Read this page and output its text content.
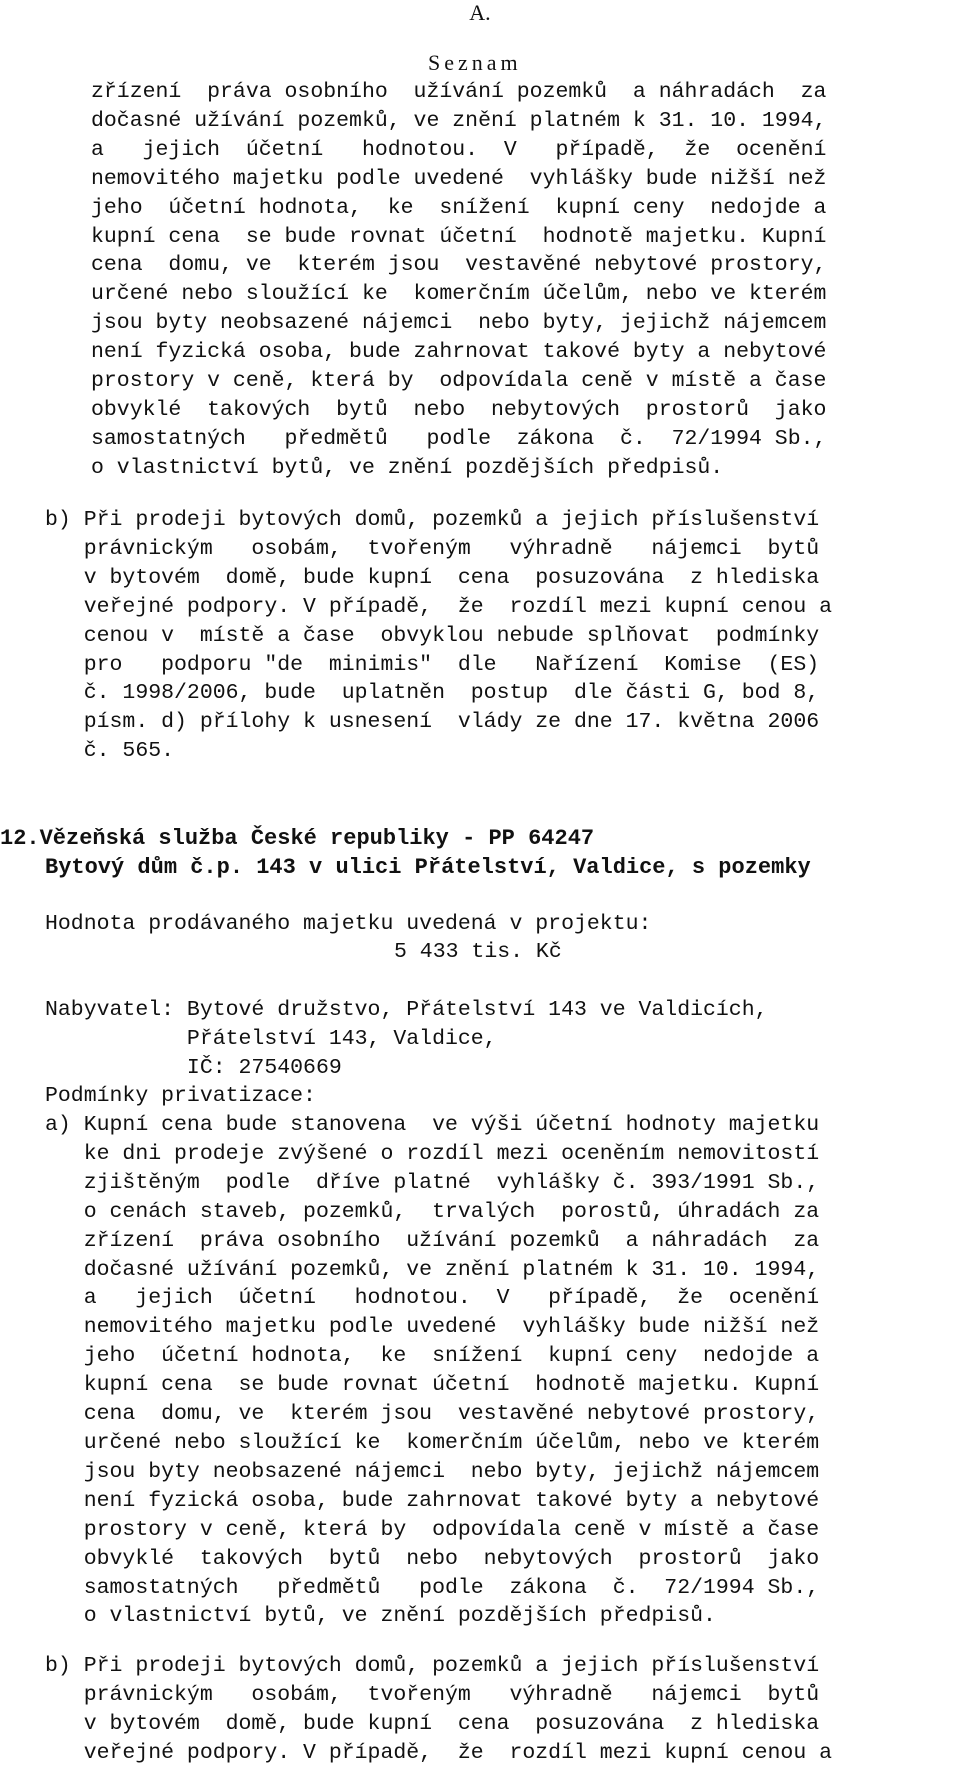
A.
Seznam
zřízení  práva osobního  užívání pozemků  a náhradách  za
dočasné užívání pozemků, ve znění platném k 31. 10. 1994,
a   jejich  účetní   hodnotou.  V   případě,  že  ocenění
nemovitého majetku podle uvedené  vyhlášky bude nižší než
jeho  účetní hodnota,  ke  snížení  kupní ceny  nedojde a
kupní cena  se bude rovnat účetní  hodnotě majetku. Kupní
cena  domu, ve  kterém jsou  vestavěné nebytové prostory,
určené nebo sloužící ke  komerčním účelům, nebo ve kterém
jsou byty neobsazené nájemci  nebo byty, jejichž nájemcem
není fyzická osoba, bude zahrnovat takové byty a nebytové
prostory v ceně, která by  odpovídala ceně v místě a čase
obvyklé  takových  bytů  nebo  nebytových  prostorů  jako
samostatných   předmětů   podle  zákona  č.  72/1994 Sb.,
o vlastnictví bytů, ve znění pozdějších předpisů.
b) Při prodeji bytových domů, pozemků a jejich příslušenství
právnickým   osobám,  tvořeným   výhradně   nájemci  bytů
v bytovém  domě, bude kupní  cena  posuzována  z hlediska
veřejné podpory. V případě,  že  rozdíl mezi kupní cenou a
cenou v  místě a čase  obvyklou nebude splňovat  podmínky
pro   podporu "de  minimis"  dle   Nařízení  Komise  (ES)
č. 1998/2006, bude  uplatněn  postup  dle části G, bod 8,
písm. d) přílohy k usnesení  vlády ze dne 17. května 2006
č. 565.
12.Vězeňská služba České republiky - PP 64247
Bytový dům č.p. 143 v ulici Přátelství, Valdice, s pozemky
Hodnota prodávaného majetku uvedená v projektu:
5 433 tis. Kč
Nabyvatel: Bytové družstvo, Přátelství 143 ve Valdicích,
Přátelství 143, Valdice,
IČ: 27540669
Podmínky privatizace:
a) Kupní cena bude stanovena  ve výši účetní hodnoty majetku
ke dni prodeje zvýšené o rozdíl mezi oceněním nemovitostí
zjištěným  podle  dříve platné  vyhlášky č. 393/1991 Sb.,
o cenách staveb, pozemků,  trvalých  porostů, úhradách za
zřízení  práva osobního  užívání pozemků  a náhradách  za
dočasné užívání pozemků, ve znění platném k 31. 10. 1994,
a   jejich  účetní   hodnotou.  V   případě,  že  ocenění
nemovitého majetku podle uvedené  vyhlášky bude nižší než
jeho  účetní hodnota,  ke  snížení  kupní ceny  nedojde a
kupní cena  se bude rovnat účetní  hodnotě majetku. Kupní
cena  domu, ve  kterém jsou  vestavěné nebytové prostory,
určené nebo sloužící ke  komerčním účelům, nebo ve kterém
jsou byty neobsazené nájemci  nebo byty, jejichž nájemcem
není fyzická osoba, bude zahrnovat takové byty a nebytové
prostory v ceně, která by  odpovídala ceně v místě a čase
obvyklé  takových  bytů  nebo  nebytových  prostorů  jako
samostatných   předmětů   podle  zákona  č.  72/1994 Sb.,
o vlastnictví bytů, ve znění pozdějších předpisů.
b) Při prodeji bytových domů, pozemků a jejich příslušenství
právnickým   osobám,  tvořeným   výhradně   nájemci  bytů
v bytovém  domě, bude kupní  cena  posuzována  z hlediska
veřejné podpory. V případě,  že  rozdíl mezi kupní cenou a
